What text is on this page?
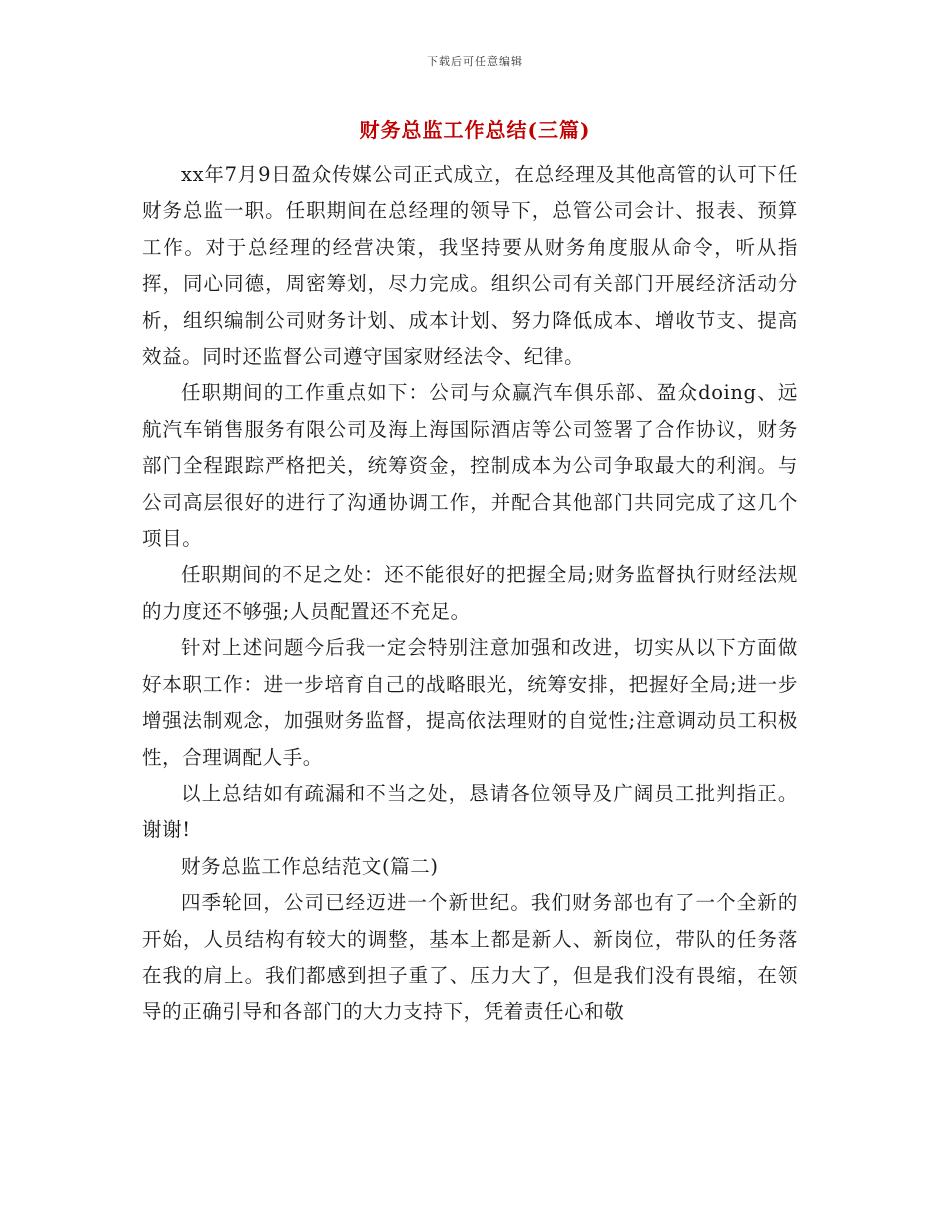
下载后可任意编辑
财务总监工作总结(三篇)

xx年7月9日盈众传媒公司正式成立，在总经理及其他高管的认可下任财务总监一职。任职期间在总经理的领导下，总管公司会计、报表、预算工作。对于总经理的经营决策，我坚持要从财务角度服从命令，听从指挥，同心同德，周密筹划，尽力完成。组织公司有关部门开展经济活动分析，组织编制公司财务计划、成本计划、努力降低成本、增收节支、提高效益。同时还监督公司遵守国家财经法令、纪律。

任职期间的工作重点如下：公司与众赢汽车俱乐部、盈众doing、远航汽车销售服务有限公司及海上海国际酒店等公司签署了合作协议，财务部门全程跟踪严格把关，统筹资金，控制成本为公司争取最大的利润。与公司高层很好的进行了沟通协调工作，并配合其他部门共同完成了这几个项目。

任职期间的不足之处：还不能很好的把握全局;财务监督执行财经法规的力度还不够强;人员配置还不充足。

针对上述问题今后我一定会特别注意加强和改进，切实从以下方面做好本职工作：进一步培育自己的战略眼光，统筹安排，把握好全局;进一步增强法制观念，加强财务监督，提高依法理财的自觉性;注意调动员工积极性，合理调配人手。

以上总结如有疏漏和不当之处，恳请各位领导及广阔员工批判指正。谢谢!

财务总监工作总结范文(篇二)

四季轮回，公司已经迈进一个新世纪。我们财务部也有了一个全新的开始，人员结构有较大的调整，基本上都是新人、新岗位，带队的任务落在我的肩上。我们都感到担子重了、压力大了，但是我们没有畏缩，在领导的正确引导和各部门的大力支持下，凭着责任心和敬
